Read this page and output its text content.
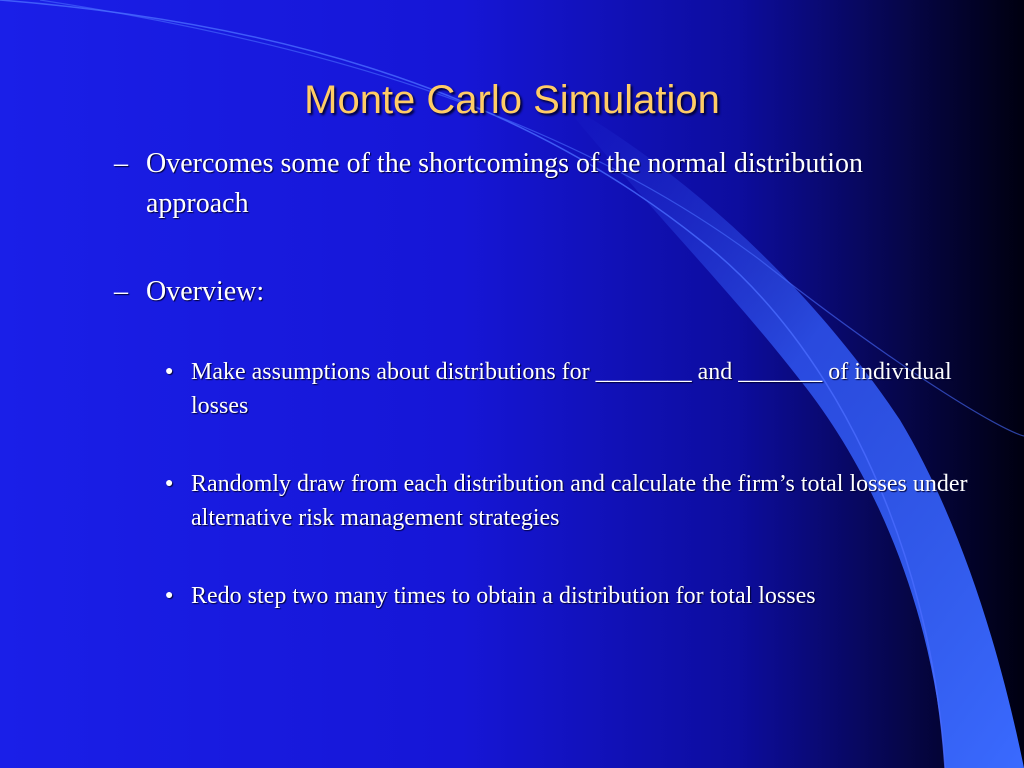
Monte Carlo Simulation
– Overcomes some of the shortcomings of the normal distribution approach
– Overview:
● Make assumptions about distributions for ________ and _______ of individual losses
● Randomly draw from each distribution and calculate the firm’s total losses under alternative risk management strategies
● Redo step two many times to obtain a distribution for total losses
